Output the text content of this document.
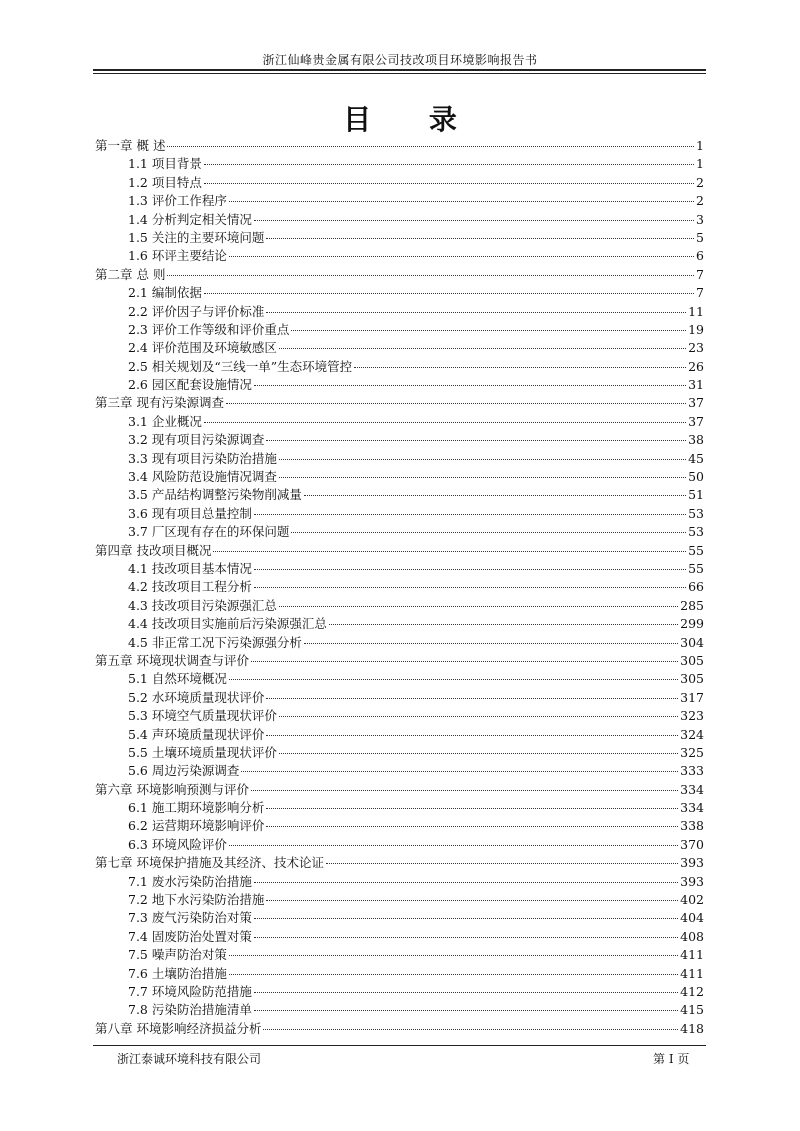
浙江仙峰贵金属有限公司技改项目环境影响报告书
目 录
第一章 概 述	1
1.1 项目背景	1
1.2 项目特点	2
1.3 评价工作程序	2
1.4 分析判定相关情况	3
1.5 关注的主要环境问题	5
1.6 环评主要结论	6
第二章 总 则	7
2.1 编制依据	7
2.2 评价因子与评价标准	11
2.3 评价工作等级和评价重点	19
2.4 评价范围及环境敏感区	23
2.5 相关规划及“三线一单”生态环境管控	26
2.6 园区配套设施情况	31
第三章 现有污染源调查	37
3.1 企业概况	37
3.2 现有项目污染源调查	38
3.3 现有项目污染防治措施	45
3.4 风险防范设施情况调查	50
3.5 产品结构调整污染物削减量	51
3.6 现有项目总量控制	53
3.7 厂区现有存在的环保问题	53
第四章 技改项目概况	55
4.1 技改项目基本情况	55
4.2 技改项目工程分析	66
4.3 技改项目污染源强汇总	285
4.4 技改项目实施前后污染源强汇总	299
4.5 非正常工况下污染源强分析	304
第五章 环境现状调查与评价	305
5.1 自然环境概况	305
5.2 水环境质量现状评价	317
5.3 环境空气质量现状评价	323
5.4 声环境质量现状评价	324
5.5 土壤环境质量现状评价	325
5.6 周边污染源调查	333
第六章 环境影响预测与评价	334
6.1 施工期环境影响分析	334
6.2 运营期环境影响评价	338
6.3 环境风险评价	370
第七章 环境保护措施及其经济、技术论证	393
7.1 废水污染防治措施	393
7.2 地下水污染防治措施	402
7.3 废气污染防治对策	404
7.4 固废防治处置对策	408
7.5 噪声防治对策	411
7.6 土壤防治措施	411
7.7 环境风险防范措施	412
7.8 污染防治措施清单	415
第八章 环境影响经济损益分析	418
浙江泰诚环境科技有限公司	第 I 页
